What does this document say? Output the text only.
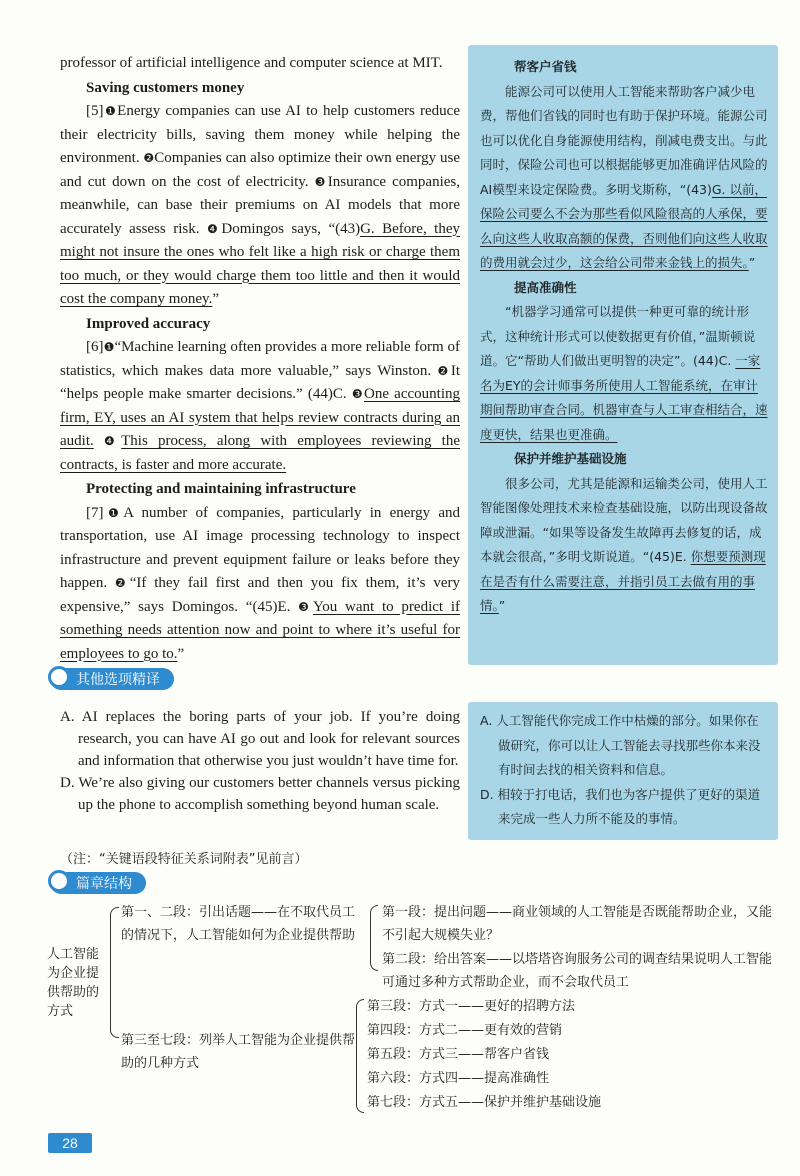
professor of artificial intelligence and computer science at MIT.

Saving customers money

[5]❶Energy companies can use AI to help customers reduce their electricity bills, saving them money while helping the environment. ❷Companies can also optimize their own energy use and cut down on the cost of electricity. ❸Insurance companies, meanwhile, can base their premiums on AI models that more accurately assess risk. ❹Domingos says, “(43)G. Before, they might not insure the ones who felt like a high risk or charge them too much, or they would charge them too little and then it would cost the company money.”

Improved accuracy

[6]❶“Machine learning often provides a more reliable form of statistics, which makes data more valuable,” says Winston. ❷It “helps people make smarter decisions.” (44)C. ❸One accounting firm, EY, uses an AI system that helps review contracts during an audit. ❹This process, along with employees reviewing the contracts, is faster and more accurate.

Protecting and maintaining infrastructure

[7]❶A number of companies, particularly in energy and transportation, use AI image processing technology to inspect infrastructure and prevent equipment failure or leaks before they happen. ❷“If they fail first and then you fix them, it’s very expensive,” says Domingos. “(45)E. ❸You want to predict if something needs attention now and point to where it’s useful for employees to go to.”

帮客户省钱

能源公司可以使用人工智能来帮助客户减少电费，帮他们省钱的同时也有助于保护环境。能源公司也可以优化自身能源使用结构，削减电费支出。与此同时，保险公司也可以根据能够更加准确评估风险的AI模型来设定保险费。多明戈斯称，“(43)G. 以前，保险公司要么不会为那些看似风险很高的人承保，要么向这些人收取高额的保费，否则他们向这些人收取的费用就会过少，这会给公司带来金钱上的损失。”

提高准确性

“机器学习通常可以提供一种更可靠的统计形式，这种统计形式可以使数据更有价值，”温斯顿说道。它“帮助人们做出更明智的决定”。(44)C. 一家名为EY的会计师事务所使用人工智能系统，在审计期间帮助审查合同。机器审查与人工审查相结合，速度更快，结果也更准确。

保护并维护基础设施

很多公司，尤其是能源和运输类公司，使用人工智能图像处理技术来检查基础设施，以防出现设备故障或泄漏。“如果等设备发生故障再去修复的话，成本就会很高，”多明戈斯说道。“(45)E. 你想要预测现在是否有什么需要注意，并指引员工去做有用的事情。”

其他选项精译

A. AI replaces the boring parts of your job. If you’re doing research, you can have AI go out and look for relevant sources and information that otherwise you just wouldn’t have time for.

D. We’re also giving our customers better channels versus picking up the phone to accomplish something beyond human scale.

A. 人工智能代你完成工作中枯燥的部分。如果你在做研究，你可以让人工智能去寻找那些你本来没有时间去找的相关资料和信息。

D. 相较于打电话，我们也为客户提供了更好的渠道来完成一些人力所不能及的事情。

（注：“关键语段特征关系词附表”见前言）
篇章结构
人工智能为企业提供帮助的方式
第一、二段：引出话题——在不取代员工的情况下，人工智能如何为企业提供帮助
第一段：提出问题——商业领域的人工智能是否既能帮助企业，又能不引起大规模失业？
第二段：给出答案——以塔塔咨询服务公司的调查结果说明人工智能可通过多种方式帮助企业，而不会取代员工
第三至七段：列举人工智能为企业提供帮助的几种方式
第三段：方式一——更好的招聘方法
第四段：方式二——更有效的营销
第五段：方式三——帮客户省钱
第六段：方式四——提高准确性
第七段：方式五——保护并维护基础设施
28
